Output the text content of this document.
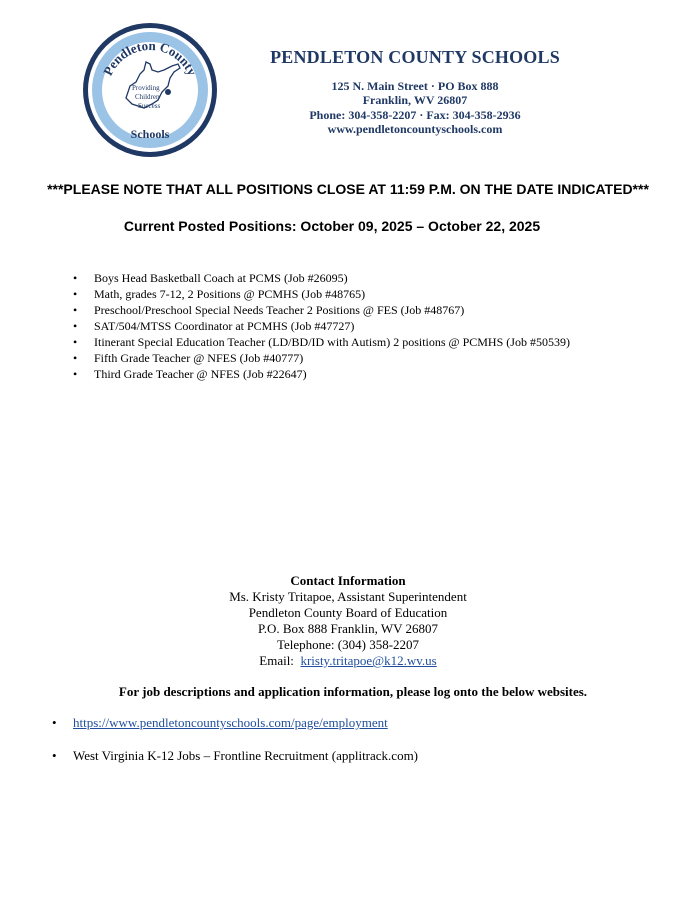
Pendleton County
Schools
Providing
Children
Success
PENDLETON COUNTY SCHOOLS
125 N. Main Street · PO Box 888
Franklin, WV 26807
Phone: 304-358-2207 · Fax: 304-358-2936
www.pendletoncountyschools.com
***PLEASE NOTE THAT ALL POSITIONS CLOSE AT 11:59 P.M. ON THE DATE INDICATED***
Current Posted Positions: October 09, 2025 – October 22, 2025
• Boys Head Basketball Coach at PCMS (Job #26095)
• Math, grades 7-12, 2 Positions @ PCMHS (Job #48765)
• Preschool/Preschool Special Needs Teacher 2 Positions @ FES (Job #48767)
• SAT/504/MTSS Coordinator at PCMHS (Job #47727)
• Itinerant Special Education Teacher (LD/BD/ID with Autism) 2 positions @ PCMHS (Job #50539)
• Fifth Grade Teacher @ NFES (Job #40777)
• Third Grade Teacher @ NFES (Job #22647)
Contact Information
Ms. Kristy Tritapoe, Assistant Superintendent
Pendleton County Board of Education
P.O. Box 888 Franklin, WV 26807
Telephone: (304) 358-2207
Email: kristy.tritapoe@k12.wv.us
For job descriptions and application information, please log onto the below websites.
• https://www.pendletoncountyschools.com/page/employment
• West Virginia K-12 Jobs – Frontline Recruitment (applitrack.com)
